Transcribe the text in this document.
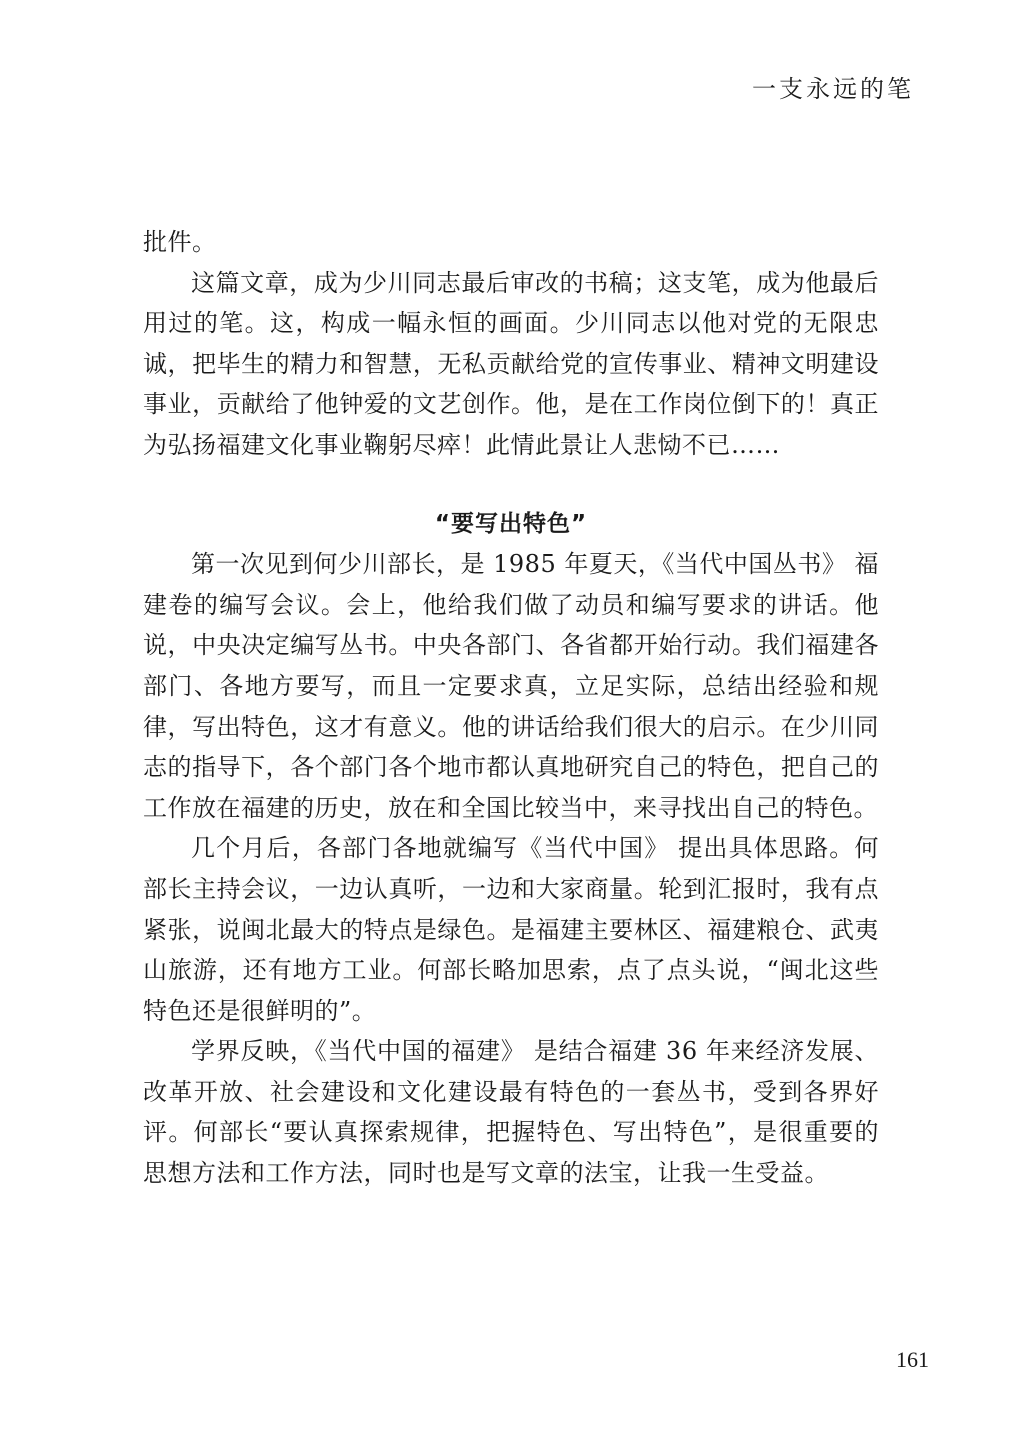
一支永远的笔

批件。

这篇文章，成为少川同志最后审改的书稿；这支笔，成为他最后用过的笔。这，构成一幅永恒的画面。少川同志以他对党的无限忠诚，把毕生的精力和智慧，无私贡献给党的宣传事业、精神文明建设事业，贡献给了他钟爱的文艺创作。他，是在工作岗位倒下的！真正为弘扬福建文化事业鞠躬尽瘁！此情此景让人悲恸不已……

“要写出特色”

第一次见到何少川部长，是 1985 年夏天，《当代中国丛书》 福建卷的编写会议。会上，他给我们做了动员和编写要求的讲话。他说，中央决定编写丛书。中央各部门、各省都开始行动。我们福建各部门、各地方要写，而且一定要求真，立足实际，总结出经验和规律，写出特色，这才有意义。他的讲话给我们很大的启示。在少川同志的指导下，各个部门各个地市都认真地研究自己的特色，把自己的工作放在福建的历史，放在和全国比较当中，来寻找出自己的特色。

几个月后，各部门各地就编写《当代中国》 提出具体思路。何部长主持会议，一边认真听，一边和大家商量。轮到汇报时，我有点紧张，说闽北最大的特点是绿色。是福建主要林区、福建粮仓、武夷山旅游，还有地方工业。何部长略加思索，点了点头说，“闽北这些特色还是很鲜明的”。

学界反映，《当代中国的福建》 是结合福建 36 年来经济发展、改革开放、社会建设和文化建设最有特色的一套丛书，受到各界好评。何部长“要认真探索规律，把握特色、写出特色”，是很重要的思想方法和工作方法，同时也是写文章的法宝，让我一生受益。

161
